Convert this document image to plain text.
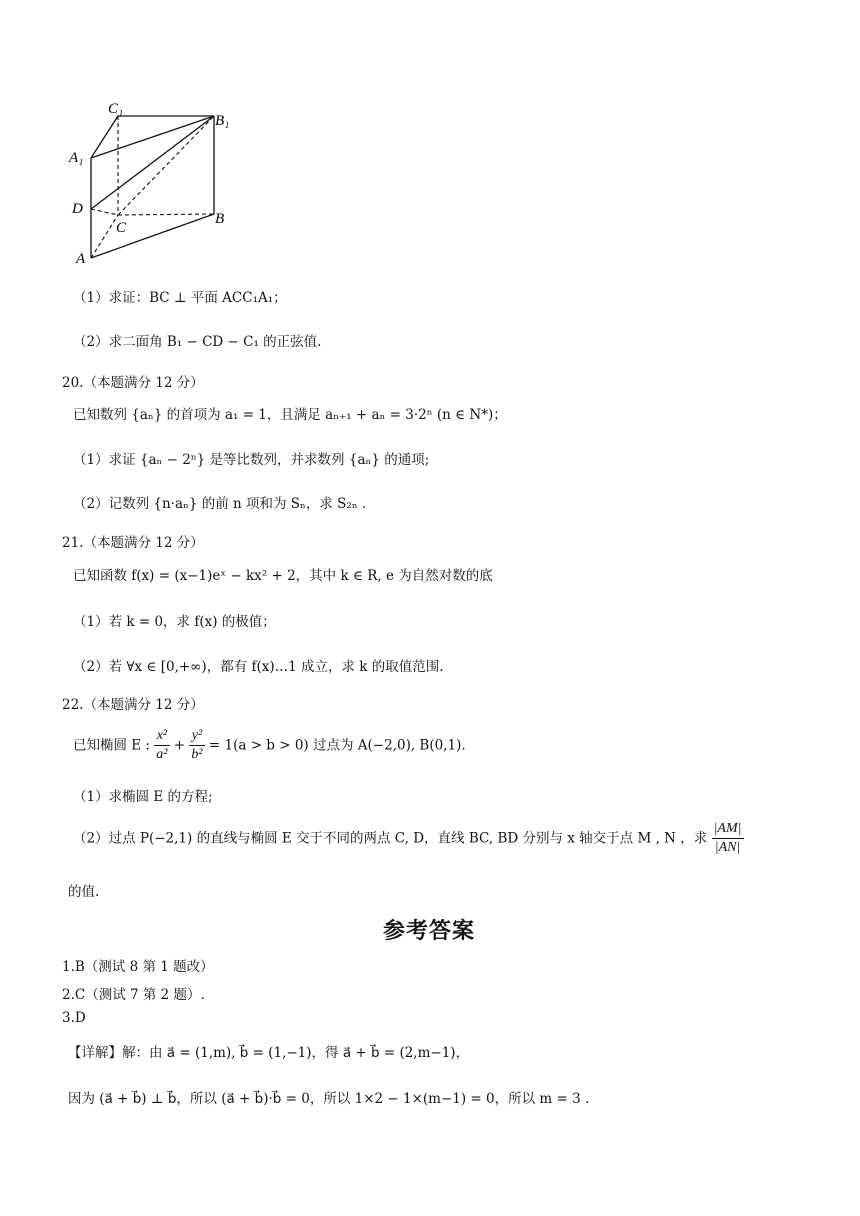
C₁
B₁
A₁
D
C
B
A
（1）求证：BC ⊥ 平面 ACC₁A₁；
（2）求二面角 B₁ − CD − C₁ 的正弦值.
20.（本题满分 12 分）
已知数列 {aₙ} 的首项为 a₁ = 1，且满足 aₙ₊₁ + aₙ = 3·2ⁿ (n ∈ N*)；
（1）求证 {aₙ − 2ⁿ} 是等比数列，并求数列 {aₙ} 的通项;
（2）记数列 {n·aₙ} 的前 n 项和为 Sₙ，求 S₂ₙ .
21.（本题满分 12 分）
已知函数 f(x) = (x−1)eˣ − kx² + 2，其中 k ∈ R, e 为自然对数的底
（1）若 k = 0，求 f(x) 的极值；
（2）若 ∀x ∈ [0,+∞)，都有 f(x)…1 成立，求 k 的取值范围.
22.（本题满分 12 分）
已知椭圆 E : $\frac{\text{x²}}{\text{a²}} + \frac{\text{y²}}{\text{b²}} = 1(a > b > 0)$ 过点为 A(−2,0), B(0,1).
（1）求椭圆 E 的方程;
（2）过点 P(−2,1) 的直线与椭圆 E 交于不同的两点 C, D，直线 BC, BD 分别与 x 轴交于点 M , N ，求 $\frac{|AM|}{|AN|}$
的值.
参考答案
1.B（测试 8 第 1 题改）
2.C（测试 7 第 2 题）.
3.D
【详解】解：由 a⃗ = (1,m), b⃗ = (1,−1)，得 a⃗ + b⃗ = (2,m−1)，
因为 (a⃗ + b⃗) ⊥ b⃗，所以 (a⃗ + b⃗)·b⃗ = 0，所以 1×2 − 1×(m−1) = 0，所以 m = 3 .
